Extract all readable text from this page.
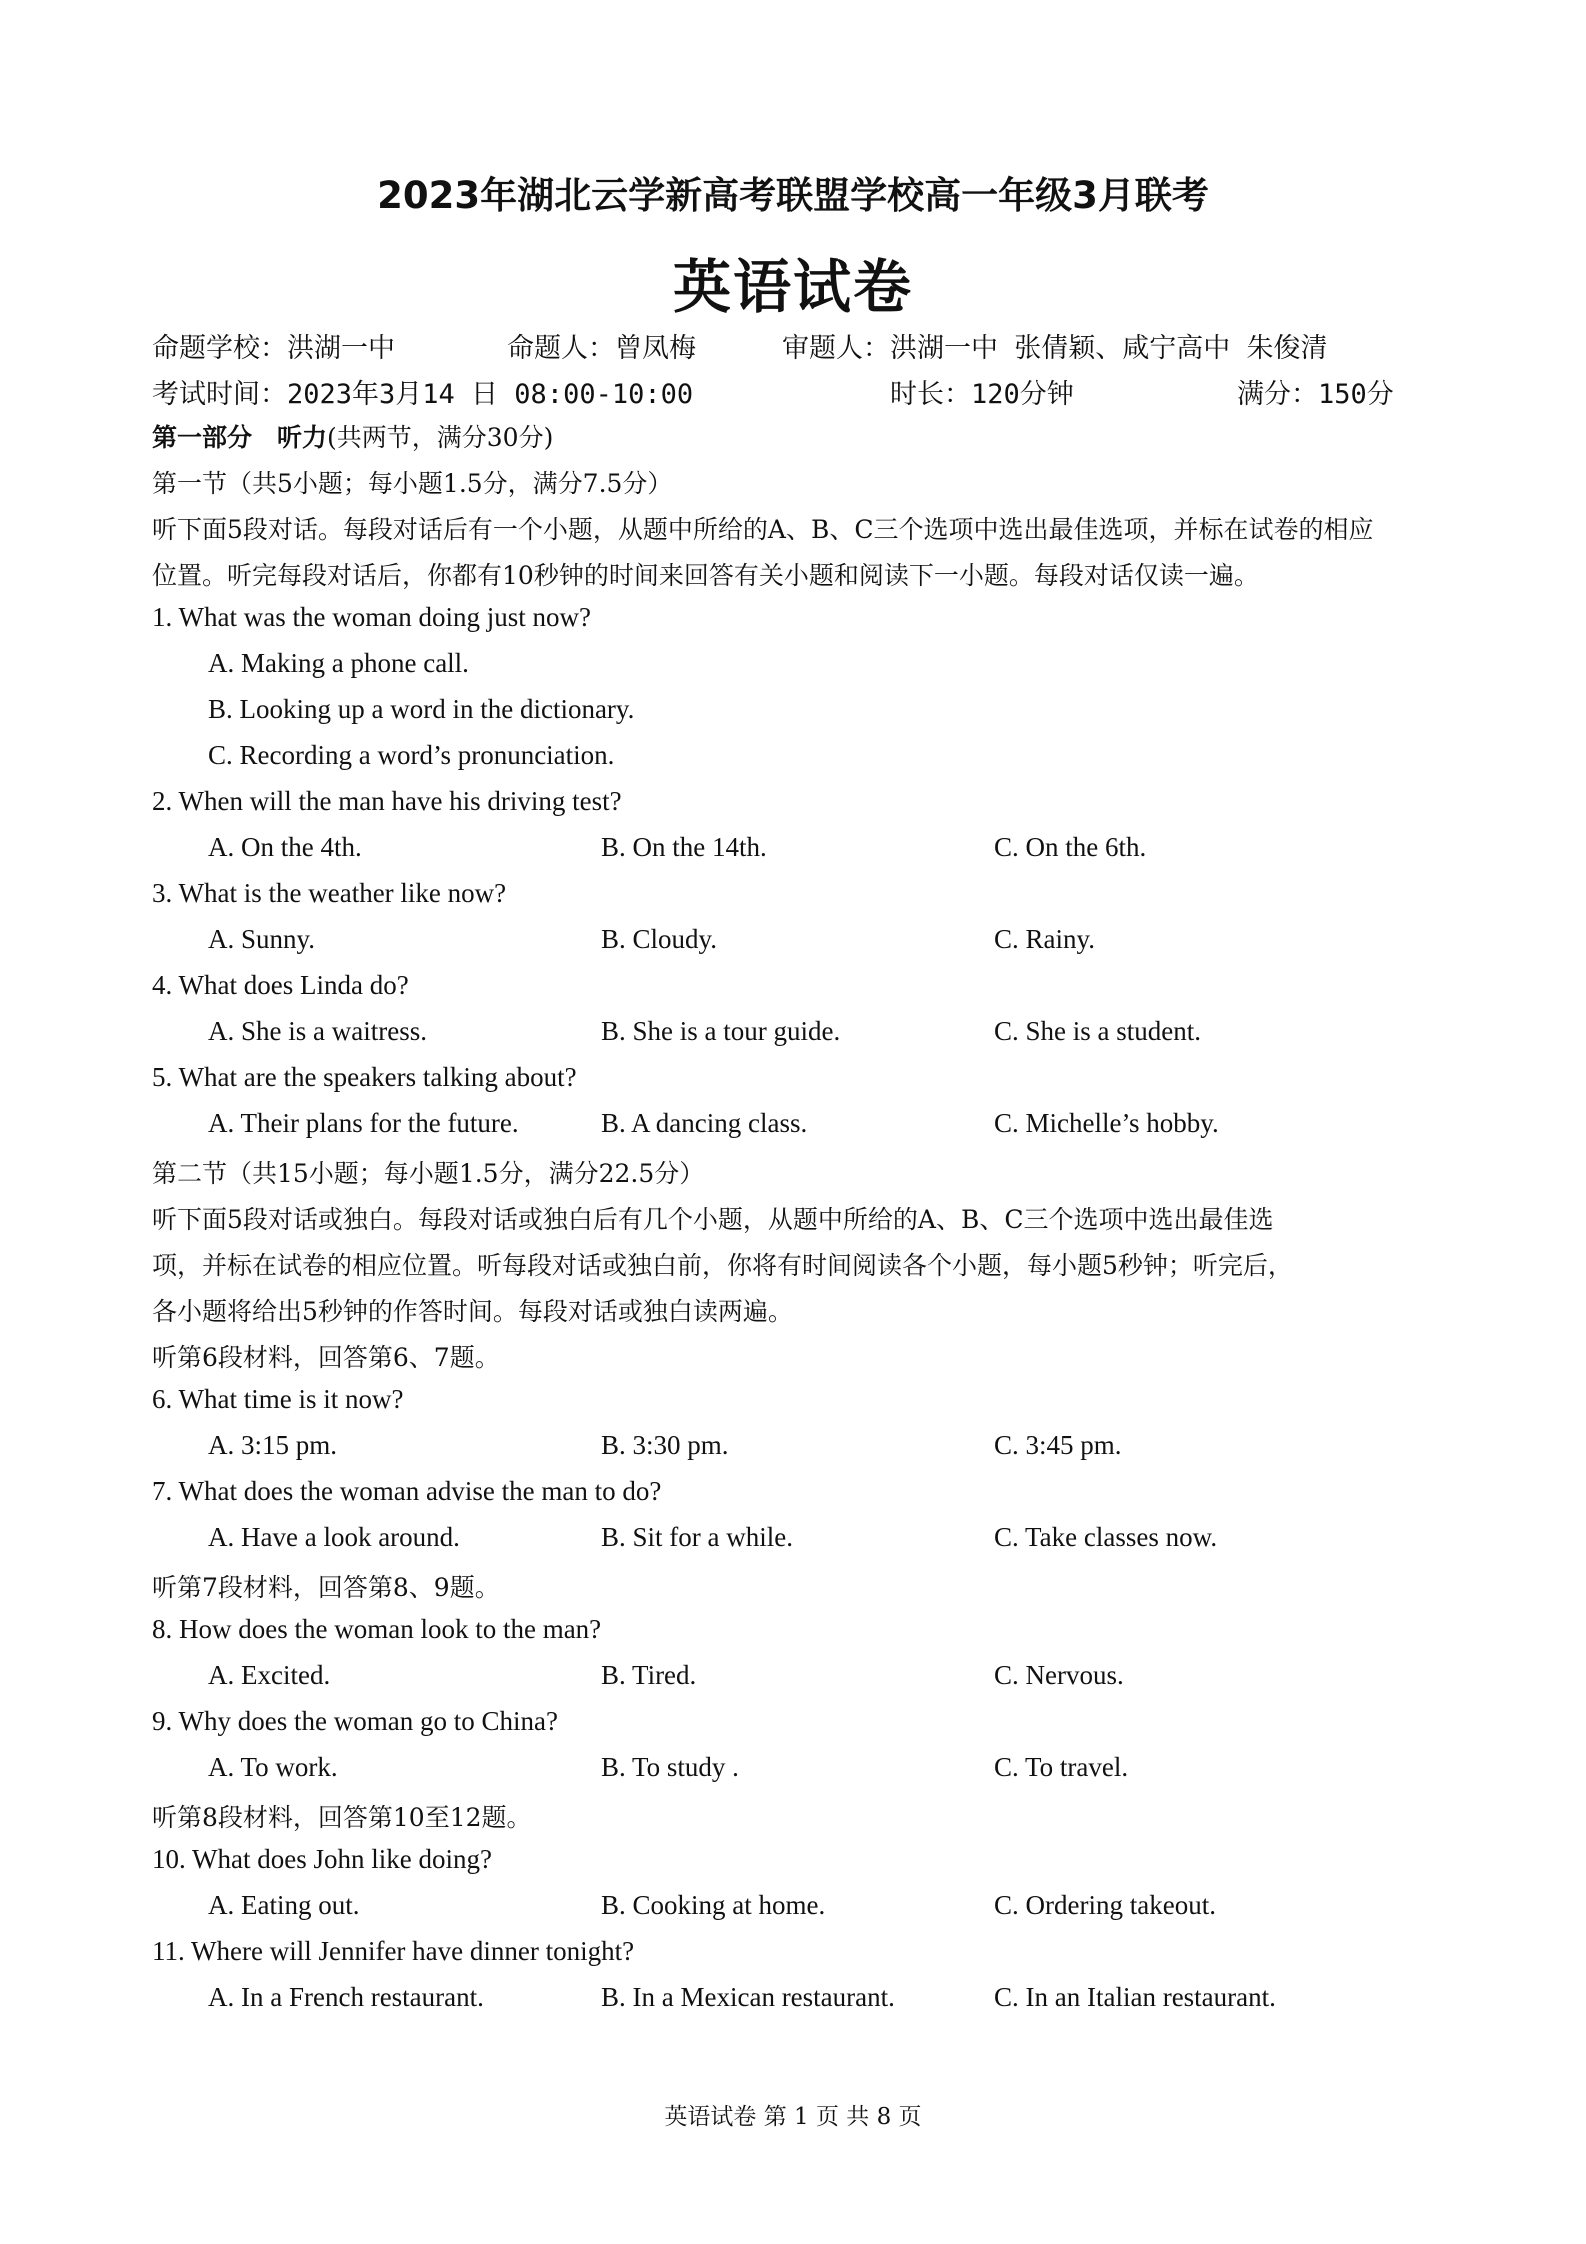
2023年湖北云学新高考联盟学校高一年级3月联考
英语试卷
命题学校：洪湖一中	命题人：曾凤梅	审题人：洪湖一中 张倩颖、咸宁高中 朱俊清
考试时间：2023年3月14 日 08:00-10:00	时长：120分钟	满分：150分
第一部分　听力(共两节，满分30分)
第一节（共5小题；每小题1.5分，满分7.5分）
听下面5段对话。每段对话后有一个小题，从题中所给的A、B、C三个选项中选出最佳选项，并标在试卷的相应
位置。听完每段对话后，你都有10秒钟的时间来回答有关小题和阅读下一小题。每段对话仅读一遍。
1. What was the woman doing just now?
A. Making a phone call.
B. Looking up a word in the dictionary.
C. Recording a word’s pronunciation.
2. When will the man have his driving test?
A. On the 4th.	B. On the 14th.	C. On the 6th.
3. What is the weather like now?
A. Sunny.	B. Cloudy.	C. Rainy.
4. What does Linda do?
A. She is a waitress.	B. She is a tour guide.	C. She is a student.
5. What are the speakers talking about?
A. Their plans for the future.	B. A dancing class.	C. Michelle’s hobby.
第二节（共15小题；每小题1.5分，满分22.5分）
听下面5段对话或独白。每段对话或独白后有几个小题，从题中所给的A、B、C三个选项中选出最佳选
项，并标在试卷的相应位置。听每段对话或独白前，你将有时间阅读各个小题，每小题5秒钟；听完后，
各小题将给出5秒钟的作答时间。每段对话或独白读两遍。
听第6段材料，回答第6、7题。
6. What time is it now?
A. 3:15 pm.	B. 3:30 pm.	C. 3:45 pm.
7. What does the woman advise the man to do?
A. Have a look around.	B. Sit for a while.	C. Take classes now.
听第7段材料，回答第8、9题。
8. How does the woman look to the man?
A. Excited.	B. Tired.	C. Nervous.
9. Why does the woman go to China?
A. To work.	B. To study .	C. To travel.
听第8段材料，回答第10至12题。
10. What does John like doing?
A. Eating out.	B. Cooking at home.	C. Ordering takeout.
11. Where will Jennifer have dinner tonight?
A. In a French restaurant.	B. In a Mexican restaurant.	C. In an Italian restaurant.
英语试卷 第 1 页 共 8 页
